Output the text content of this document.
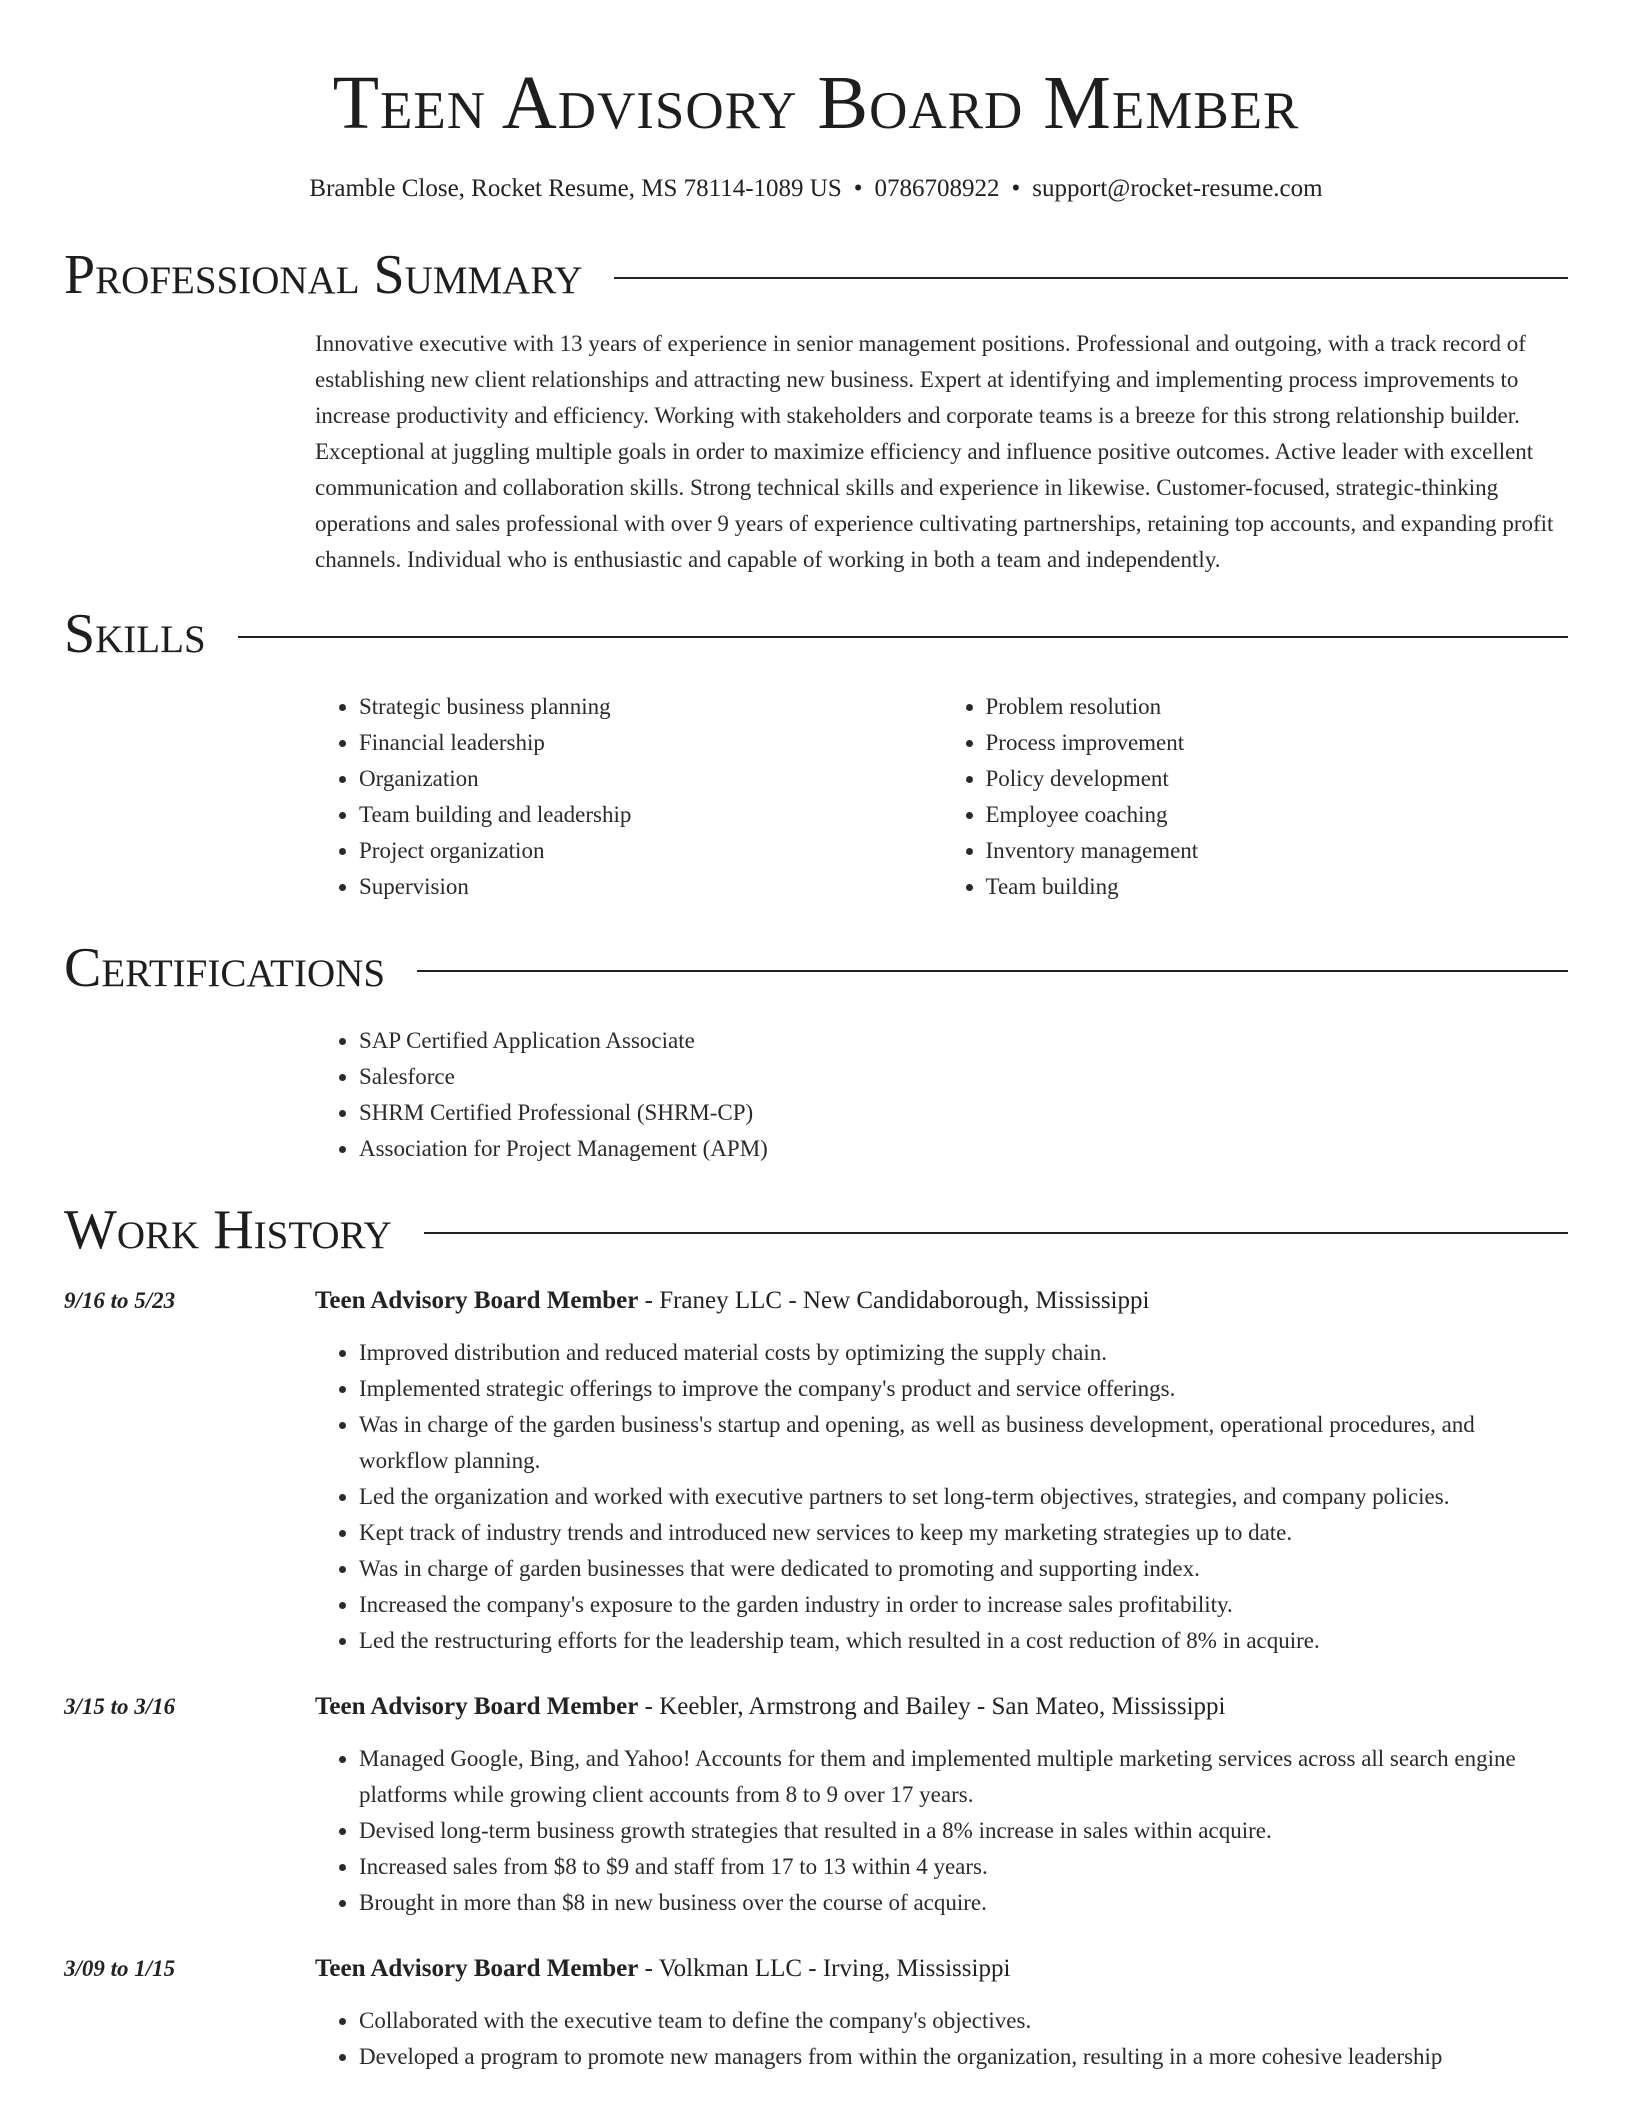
Teen Advisory Board Member
Bramble Close, Rocket Resume, MS 78114-1089 US • 0786708922 • support@rocket-resume.com
Professional Summary

Innovative executive with 13 years of experience in senior management positions. Professional and outgoing, with a track record of establishing new client relationships and attracting new business. Expert at identifying and implementing process improvements to increase productivity and efficiency. Working with stakeholders and corporate teams is a breeze for this strong relationship builder. Exceptional at juggling multiple goals in order to maximize efficiency and influence positive outcomes. Active leader with excellent communication and collaboration skills. Strong technical skills and experience in likewise. Customer-focused, strategic-thinking operations and sales professional with over 9 years of experience cultivating partnerships, retaining top accounts, and expanding profit channels. Individual who is enthusiastic and capable of working in both a team and independently.

Skills
• Strategic business planning
• Financial leadership
• Organization
• Team building and leadership
• Project organization
• Supervision
• Problem resolution
• Process improvement
• Policy development
• Employee coaching
• Inventory management
• Team building
Certifications
• SAP Certified Application Associate
• Salesforce
• SHRM Certified Professional (SHRM-CP)
• Association for Project Management (APM)
Work History
9/16 to 5/23	Teen Advisory Board Member - Franey LLC - New Candidaborough, Mississippi
• Improved distribution and reduced material costs by optimizing the supply chain.
• Implemented strategic offerings to improve the company's product and service offerings.
• Was in charge of the garden business's startup and opening, as well as business development, operational procedures, and workflow planning.
• Led the organization and worked with executive partners to set long-term objectives, strategies, and company policies.
• Kept track of industry trends and introduced new services to keep my marketing strategies up to date.
• Was in charge of garden businesses that were dedicated to promoting and supporting index.
• Increased the company's exposure to the garden industry in order to increase sales profitability.
• Led the restructuring efforts for the leadership team, which resulted in a cost reduction of 8% in acquire.
3/15 to 3/16	Teen Advisory Board Member - Keebler, Armstrong and Bailey - San Mateo, Mississippi
• Managed Google, Bing, and Yahoo! Accounts for them and implemented multiple marketing services across all search engine platforms while growing client accounts from 8 to 9 over 17 years.
• Devised long-term business growth strategies that resulted in a 8% increase in sales within acquire.
• Increased sales from $8 to $9 and staff from 17 to 13 within 4 years.
• Brought in more than $8 in new business over the course of acquire.
3/09 to 1/15	Teen Advisory Board Member - Volkman LLC - Irving, Mississippi
• Collaborated with the executive team to define the company's objectives.
• Developed a program to promote new managers from within the organization, resulting in a more cohesive leadership
